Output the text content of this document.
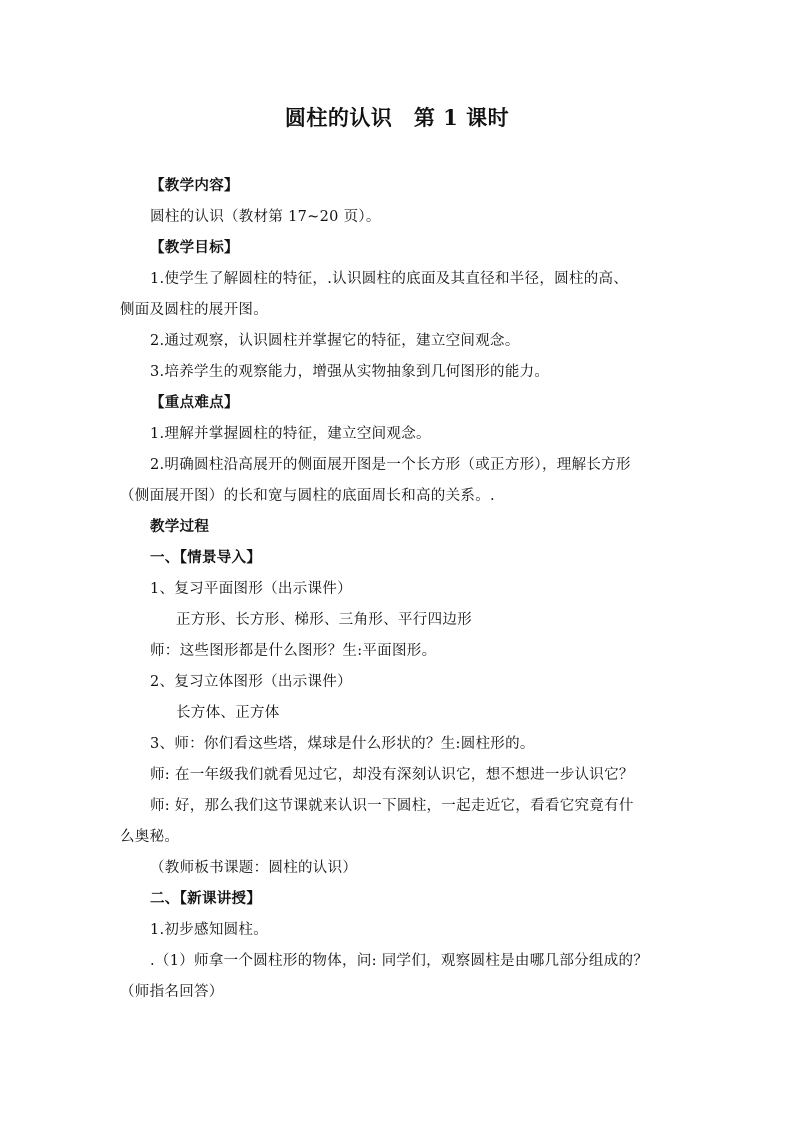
圆柱的认识　第 1 课时
【教学内容】
圆柱的认识（教材第 17~20 页）。
【教学目标】
1.使学生了解圆柱的特征，.认识圆柱的底面及其直径和半径，圆柱的高、
侧面及圆柱的展开图。
2.通过观察，认识圆柱并掌握它的特征，建立空间观念。
3.培养学生的观察能力，增强从实物抽象到几何图形的能力。
【重点难点】
1.理解并掌握圆柱的特征，建立空间观念。
2.明确圆柱沿高展开的侧面展开图是一个长方形（或正方形），理解长方形
（侧面展开图）的长和宽与圆柱的底面周长和高的关系。.
教学过程
一、【情景导入】
1、复习平面图形（出示课件）
正方形、长方形、梯形、三角形、平行四边形
师：这些图形都是什么图形？生:平面图形。
2、复习立体图形（出示课件）
长方体、正方体
3、师：你们看这些塔，煤球是什么形状的？生:圆柱形的。
师: 在一年级我们就看见过它，却没有深刻认识它，想不想进一步认识它？
师: 好，那么我们这节课就来认识一下圆柱，一起走近它，看看它究竟有什
么奥秘。
（教师板书课题：圆柱的认识）
二、【新课讲授】
1.初步感知圆柱。
.（1）师拿一个圆柱形的物体，问: 同学们，观察圆柱是由哪几部分组成的？
（师指名回答）
